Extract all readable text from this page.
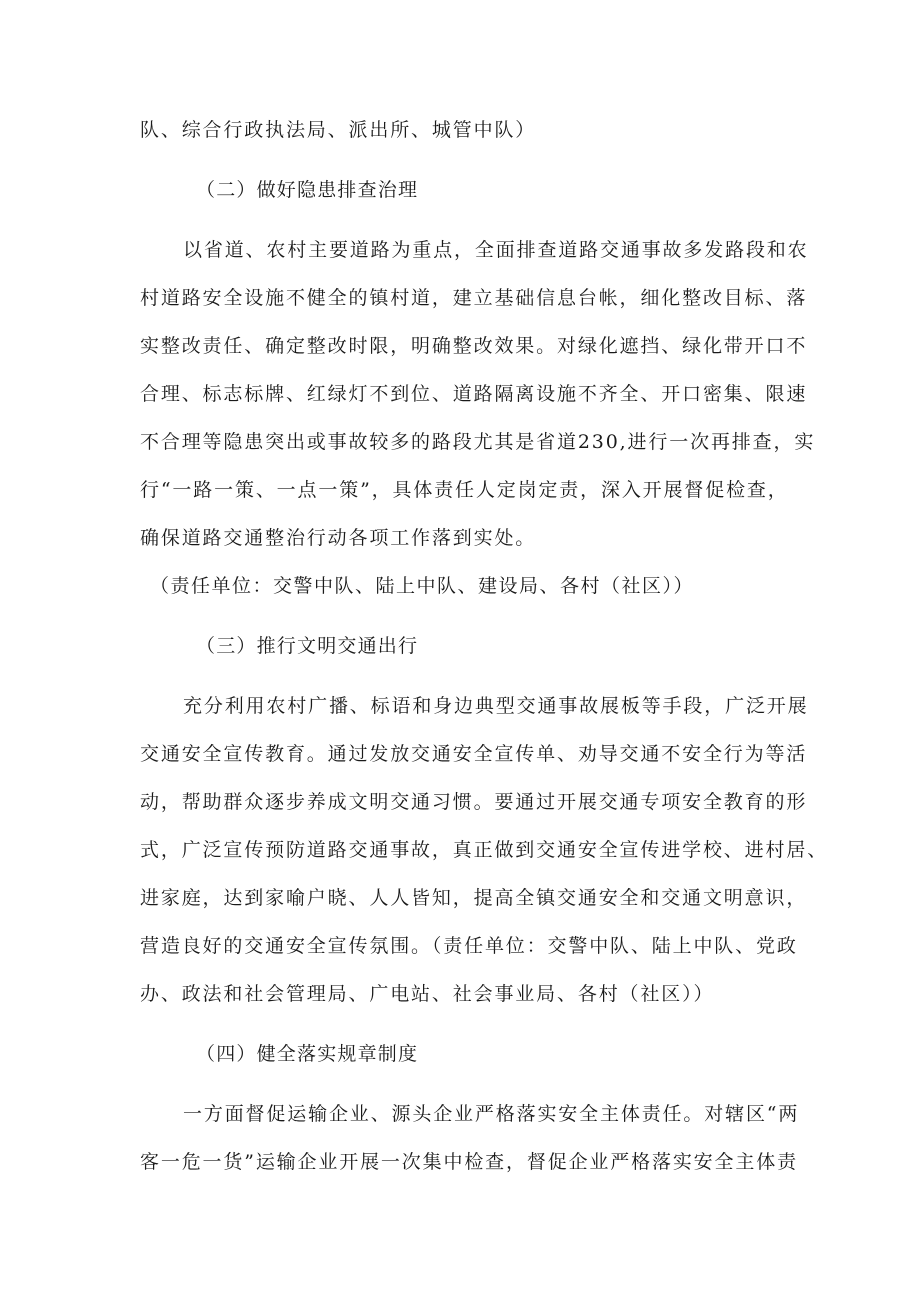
队、综合行政执法局、派出所、城管中队）
（二）做好隐患排查治理
以省道、农村主要道路为重点，全面排查道路交通事故多发路段和农
村道路安全设施不健全的镇村道，建立基础信息台帐，细化整改目标、落
实整改责任、确定整改时限，明确整改效果。对绿化遮挡、绿化带开口不
合理、标志标牌、红绿灯不到位、道路隔离设施不齐全、开口密集、限速
不合理等隐患突出或事故较多的路段尤其是省道230,进行一次再排查，实
行“一路一策、一点一策”，具体责任人定岗定责，深入开展督促检查，
确保道路交通整治行动各项工作落到实处。
（责任单位：交警中队、陆上中队、建设局、各村（社区））
（三）推行文明交通出行
充分利用农村广播、标语和身边典型交通事故展板等手段，广泛开展
交通安全宣传教育。通过发放交通安全宣传单、劝导交通不安全行为等活
动，帮助群众逐步养成文明交通习惯。要通过开展交通专项安全教育的形
式，广泛宣传预防道路交通事故，真正做到交通安全宣传进学校、进村居、
进家庭，达到家喻户晓、人人皆知，提高全镇交通安全和交通文明意识，
营造良好的交通安全宣传氛围。（责任单位：交警中队、陆上中队、党政
办、政法和社会管理局、广电站、社会事业局、各村（社区））
（四）健全落实规章制度
一方面督促运输企业、源头企业严格落实安全主体责任。对辖区“两
客一危一货”运输企业开展一次集中检查，督促企业严格落实安全主体责
